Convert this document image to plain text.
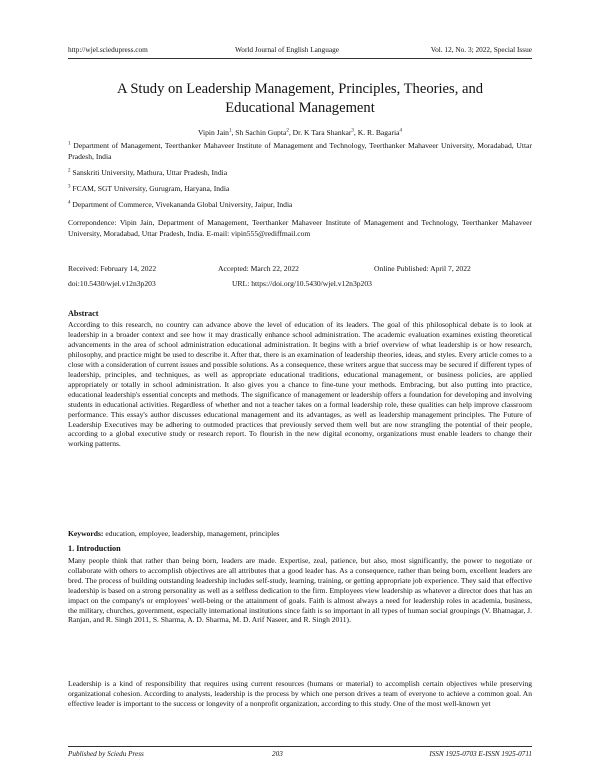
http://wjel.sciedupress.com	World Journal of English Language	Vol. 12, No. 3; 2022, Special Issue
A Study on Leadership Management, Principles, Theories, and
Educational Management
Vipin Jain$^1$, Sh Sachin Gupta$^2$, Dr. K Tara Shankar$^3$, K. R. Bagaria$^4$
$^1$ Department of Management, Teerthanker Mahaveer Institute of Management and Technology, Teerthanker Mahaveer University, Moradabad, Uttar Pradesh, India
$^2$ Sanskriti University, Mathura, Uttar Pradesh, India
$^3$ FCAM, SGT University, Gurugram, Haryana, India
$^4$ Department of Commerce, Vivekananda Global University, Jaipur, India
Correpondence: Vipin Jain, Department of Management, Teerthanker Mahaveer Institute of Management and Technology, Teerthanker Mahaveer University, Moradabad, Uttar Pradesh, India. E-mail: vipin555@rediffmail.com
Received: February 14, 2022	Accepted: March 22, 2022	Online Published: April 7, 2022
doi:10.5430/wjel.v12n3p203	URL: https://doi.org/10.5430/wjel.v12n3p203
Abstract
According to this research, no country can advance above the level of education of its leaders. The goal of this philosophical debate is to look at leadership in a broader context and see how it may drastically enhance school administration. The academic evaluation examines existing theoretical advancements in the area of school administration educational administration. It begins with a brief overview of what leadership is or how research, philosophy, and practice might be used to describe it. After that, there is an examination of leadership theories, ideas, and styles. Every article comes to a close with a consideration of current issues and possible solutions. As a consequence, these writers argue that success may be secured if different types of leadership, principles, and techniques, as well as appropriate educational traditions, educational management, or business policies, are applied appropriately or totally in school administration. It also gives you a chance to fine-tune your methods. Embracing, but also putting into practice, educational leadership's essential concepts and methods. The significance of management or leadership offers a foundation for developing and involving students in educational activities. Regardless of whether and not a teacher takes on a formal leadership role, these qualities can help improve classroom performance. This essay's author discusses educational management and its advantages, as well as leadership management principles. The Future of Leadership Executives may be adhering to outmoded practices that previously served them well but are now strangling the potential of their people, according to a global executive study or research report. To flourish in the new digital economy, organizations must enable leaders to change their working patterns.
Keywords: education, employee, leadership, management, principles
1. Introduction
Many people think that rather than being born, leaders are made. Expertise, zeal, patience, but also, most significantly, the power to negotiate or collaborate with others to accomplish objectives are all attributes that a good leader has. As a consequence, rather than being born, excellent leaders are bred. The process of building outstanding leadership includes self-study, learning, training, or getting appropriate job experience. They said that effective leadership is based on a strong personality as well as a selfless dedication to the firm. Employees view leadership as whatever a director does that has an impact on the company's or employees' well-being or the attainment of goals. Faith is almost always a need for leadership roles in academia, business, the military, churches, government, especially international institutions since faith is so important in all types of human social groupings (V. Bhatnagar, J. Ranjan, and R. Singh 2011, S. Sharma, A. D. Sharma, M. D. Arif Naseer, and R. Singh 2011).
Leadership is a kind of responsibility that requires using current resources (humans or material) to accomplish certain objectives while preserving organizational cohesion. According to analysts, leadership is the process by which one person drives a team of everyone to achieve a common goal. An effective leader is important to the success or longevity of a nonprofit organization, according to this study. One of the most well-known yet
Published by Sciedu Press	203	ISSN 1925-0703 E-ISSN 1925-0711
